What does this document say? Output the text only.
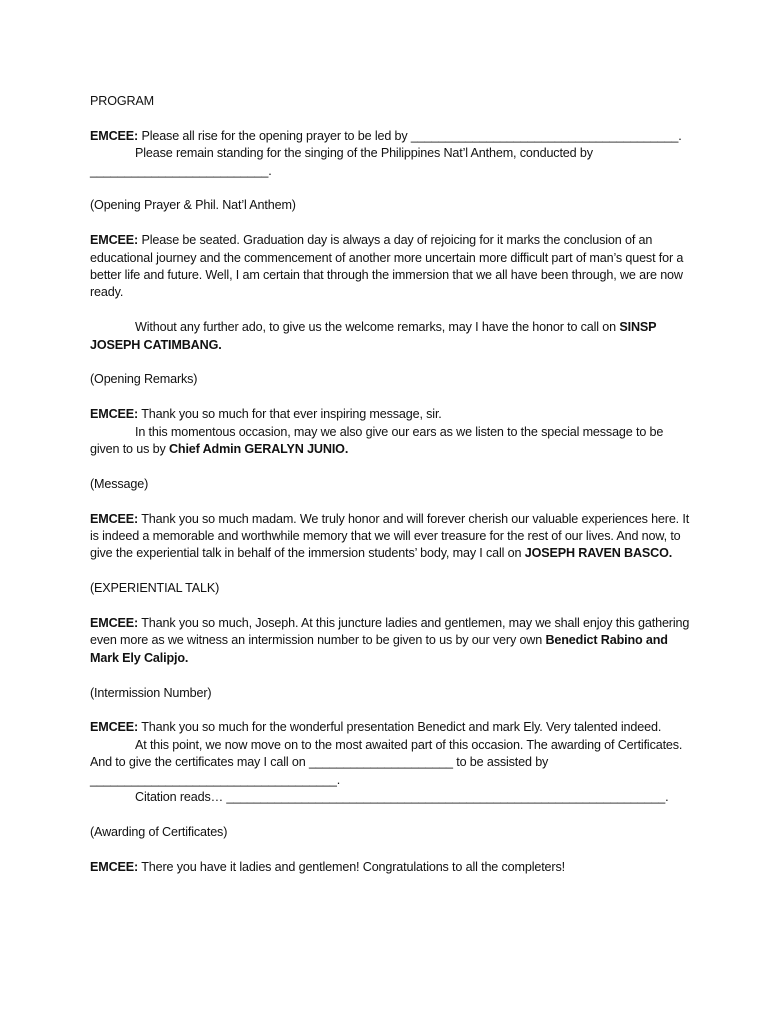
PROGRAM

EMCEE: Please all rise for the opening prayer to be led by _______________________________________.

Please remain standing for the singing of the Philippines Nat’l Anthem, conducted by

__________________________.

(Opening Prayer & Phil. Nat’l Anthem)

EMCEE: Please be seated. Graduation day is always a day of rejoicing for it marks the conclusion of an educational journey and the commencement of another more uncertain more difficult part of man’s quest for a better life and future. Well, I am certain that through the immersion that we all have been through, we are now ready.

Without any further ado, to give us the welcome remarks, may I have the honor to call on SINSP JOSEPH CATIMBANG.

(Opening Remarks)

EMCEE: Thank you so much for that ever inspiring message, sir.

In this momentous occasion, may we also give our ears as we listen to the special message to be given to us by Chief Admin GERALYN JUNIO.

(Message)

EMCEE: Thank you so much madam. We truly honor and will forever cherish our valuable experiences here. It is indeed a memorable and worthwhile memory that we will ever treasure for the rest of our lives. And now, to give the experiential talk in behalf of the immersion students’ body, may I call on JOSEPH RAVEN BASCO.

(EXPERIENTIAL TALK)

EMCEE: Thank you so much, Joseph. At this juncture ladies and gentlemen, may we shall enjoy this gathering even more as we witness an intermission number to be given to us by our very own Benedict Rabino and Mark Ely Calipjo.

(Intermission Number)

EMCEE: Thank you so much for the wonderful presentation Benedict and mark Ely. Very talented indeed.

At this point, we now move on to the most awaited part of this occasion. The awarding of Certificates. And to give the certificates may I call on _____________________ to be assisted by

____________________________________.

Citation reads… ________________________________________________________________.

(Awarding of Certificates)

EMCEE: There you have it ladies and gentlemen! Congratulations to all the completers!
